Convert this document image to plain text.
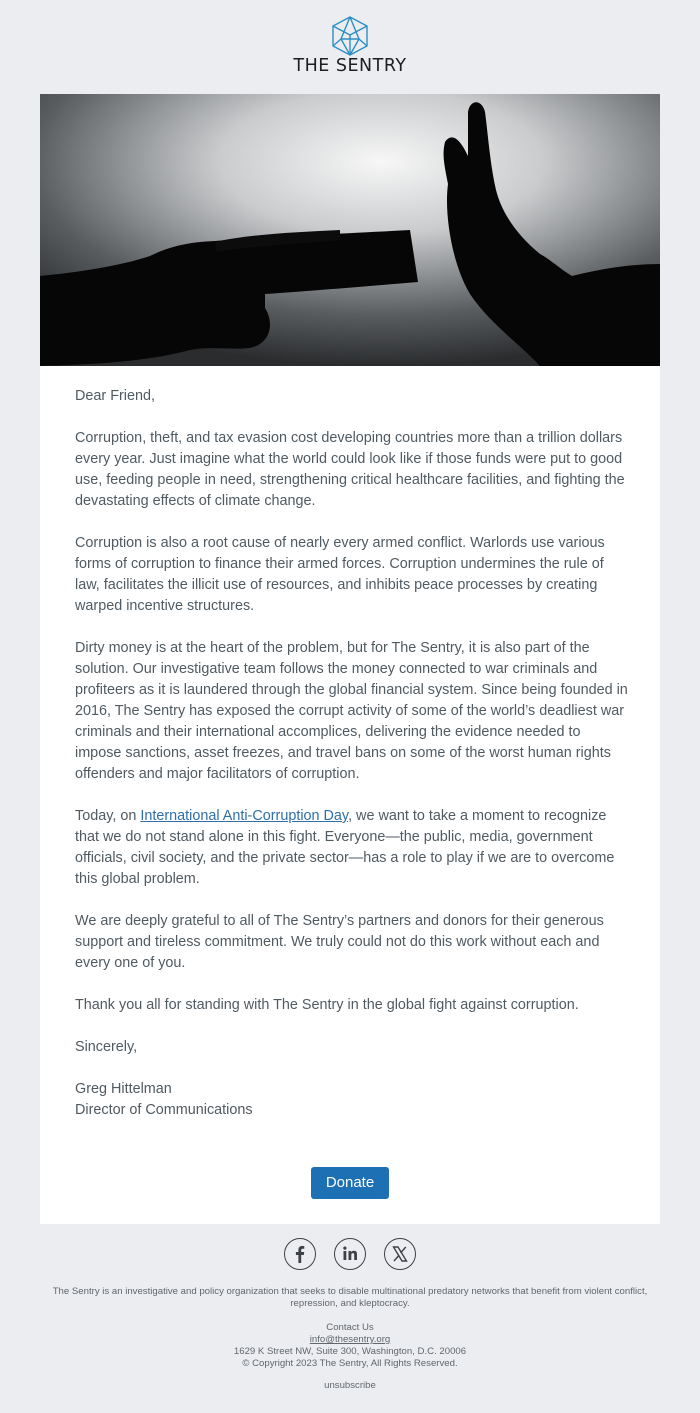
THE SENTRY

Dear Friend,

Corruption, theft, and tax evasion cost developing countries more than a trillion dollars every year. Just imagine what the world could look like if those funds were put to good use, feeding people in need, strengthening critical healthcare facilities, and fighting the devastating effects of climate change.

Corruption is also a root cause of nearly every armed conflict. Warlords use various forms of corruption to finance their armed forces. Corruption undermines the rule of law, facilitates the illicit use of resources, and inhibits peace processes by creating warped incentive structures.

Dirty money is at the heart of the problem, but for The Sentry, it is also part of the solution. Our investigative team follows the money connected to war criminals and profiteers as it is laundered through the global financial system. Since being founded in 2016, The Sentry has exposed the corrupt activity of some of the world’s deadliest war criminals and their international accomplices, delivering the evidence needed to impose sanctions, asset freezes, and travel bans on some of the worst human rights offenders and major facilitators of corruption.

Today, on International Anti-Corruption Day, we want to take a moment to recognize that we do not stand alone in this fight. Everyone—the public, media, government officials, civil society, and the private sector—has a role to play if we are to overcome this global problem.

We are deeply grateful to all of The Sentry’s partners and donors for their generous support and tireless commitment. We truly could not do this work without each and every one of you.

Thank you all for standing with The Sentry in the global fight against corruption.

Sincerely,

Greg Hittelman

Director of Communications

Donate

The Sentry is an investigative and policy organization that seeks to disable multinational predatory networks that benefit from violent conflict, repression, and kleptocracy.

Contact Us

info@thesentry.org

1629 K Street NW, Suite 300, Washington, D.C. 20006

© Copyright 2023 The Sentry, All Rights Reserved.

unsubscribe
